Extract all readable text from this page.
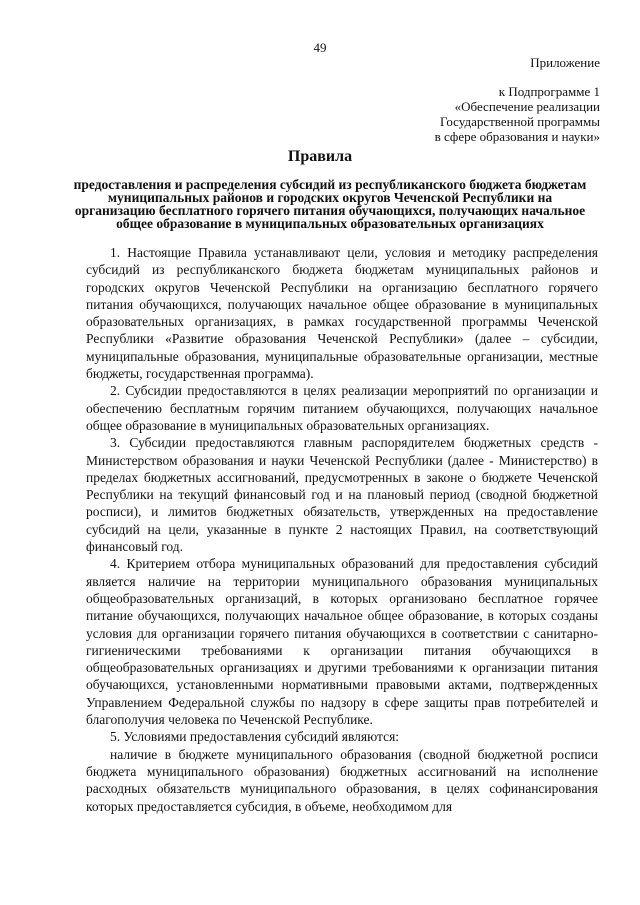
49
Приложение
к Подпрограмме 1
«Обеспечение реализации
Государственной программы
в сфере образования и науки»
Правила
предоставления и распределения субсидий из республиканского бюджета бюджетам муниципальных районов и городских округов Чеченской Республики на организацию бесплатного горячего питания обучающихся, получающих начальное общее образование в муниципальных образовательных организациях

1. Настоящие Правила устанавливают цели, условия и методику распределения субсидий из республиканского бюджета бюджетам муниципальных районов и городских округов Чеченской Республики на организацию бесплатного горячего питания обучающихся, получающих начальное общее образование в муниципальных образовательных организациях, в рамках государственной программы Чеченской Республики «Развитие образования Чеченской Республики» (далее – субсидии, муниципальные образования, муниципальные образовательные организации, местные бюджеты, государственная программа).

2. Субсидии предоставляются в целях реализации мероприятий по организации и обеспечению бесплатным горячим питанием обучающихся, получающих начальное общее образование в муниципальных образовательных организациях.

3. Субсидии предоставляются главным распорядителем бюджетных средств - Министерством образования и науки Чеченской Республики (далее - Министерство) в пределах бюджетных ассигнований, предусмотренных в законе о бюджете Чеченской Республики на текущий финансовый год и на плановый период (сводной бюджетной росписи), и лимитов бюджетных обязательств, утвержденных на предоставление субсидий на цели, указанные в пункте 2 настоящих Правил, на соответствующий финансовый год.

4. Критерием отбора муниципальных образований для предоставления субсидий является наличие на территории муниципального образования муниципальных общеобразовательных организаций, в которых организовано бесплатное горячее питание обучающихся, получающих начальное общее образование, в которых созданы условия для организации горячего питания обучающихся в соответствии с санитарно-гигиеническими требованиями к организации питания обучающихся в общеобразовательных организациях и другими требованиями к организации питания обучающихся, установленными нормативными правовыми актами, подтвержденных Управлением Федеральной службы по надзору в сфере защиты прав потребителей и благополучия человека по Чеченской Республике.

5. Условиями предоставления субсидий являются:

наличие в бюджете муниципального образования (сводной бюджетной росписи бюджета муниципального образования) бюджетных ассигнований на исполнение расходных обязательств муниципального образования, в целях софинансирования которых предоставляется субсидия, в объеме, необходимом для
